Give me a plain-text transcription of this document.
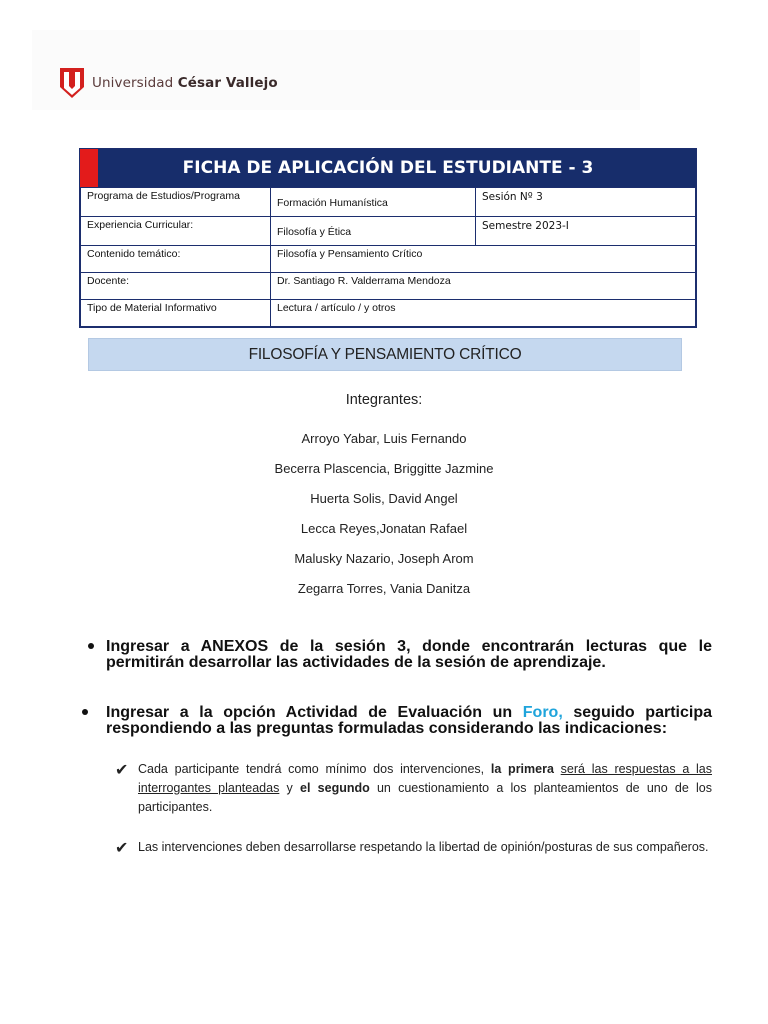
Universidad César Vallejo
FICHA DE APLICACIÓN DEL ESTUDIANTE - 3
Programa de Estudios/Programa	Formación Humanística	Sesión Nº 3
Experiencia Curricular:	Filosofía y Ética	Semestre 2023-I
Contenido temático:	Filosofía y Pensamiento Crítico	
Docente:	Dr. Santiago R. Valderrama Mendoza	
Tipo de Material Informativo	Lectura / artículo / y otros	
FILOSOFÍA Y PENSAMIENTO CRÍTICO
Integrantes:
Arroyo Yabar, Luis Fernando
Becerra Plascencia, Briggitte Jazmine
Huerta Solis, David Angel
Lecca Reyes,Jonatan Rafael
Malusky Nazario, Joseph Arom
Zegarra Torres, Vania Danitza
Ingresar a ANEXOS de la sesión 3, donde encontrarán lecturas que le permitirán desarrollar las actividades de la sesión de aprendizaje.
Ingresar a la opción Actividad de Evaluación un Foro, seguido participa respondiendo a las preguntas formuladas considerando las indicaciones:
✔ Cada participante tendrá como mínimo dos intervenciones, la primera será las respuestas a las interrogantes planteadas y el segundo un cuestionamiento a los planteamientos de uno de los participantes.
✔ Las intervenciones deben desarrollarse respetando la libertad de opinión/posturas de sus compañeros.
